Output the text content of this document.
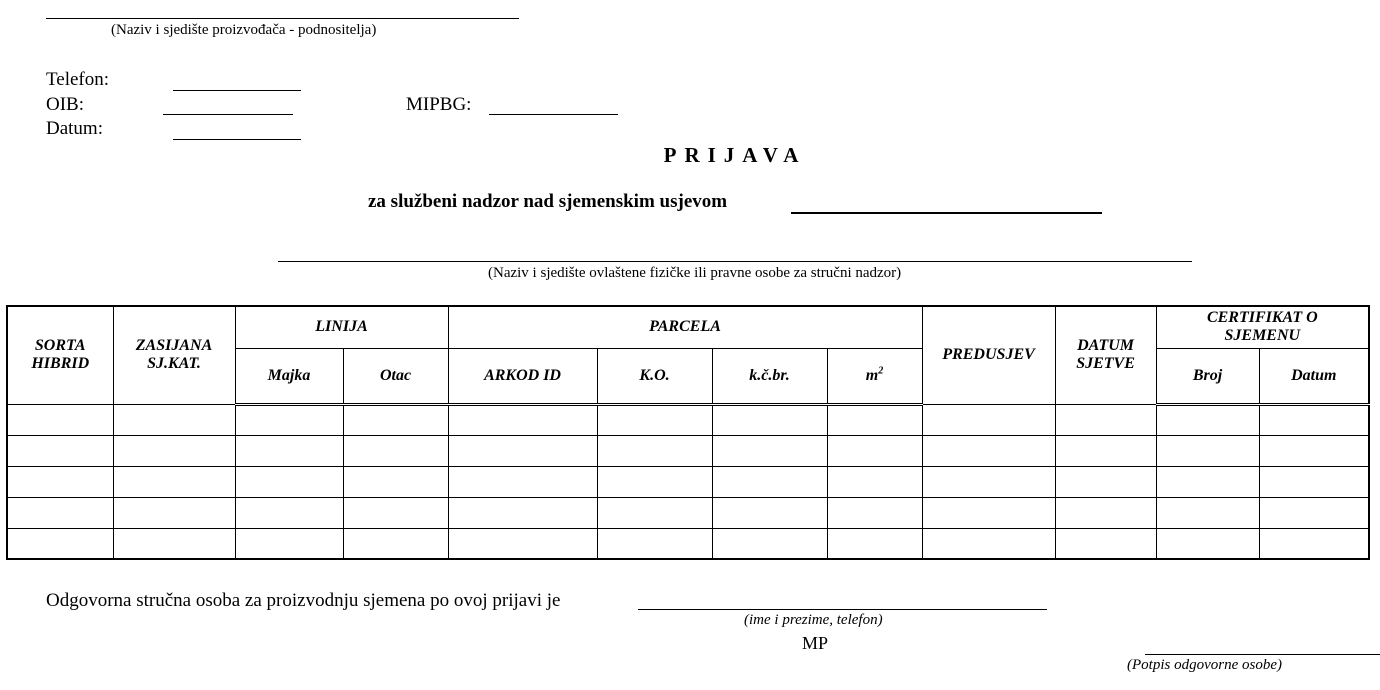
(Naziv i sjedište proizvođača - podnositelja)
Telefon:
OIB:	MIPBG:
Datum:
PRIJAVA
za službeni nadzor nad sjemenskim usjevom
(Naziv i sjedište ovlaštene fizičke ili pravne osobe za stručni nadzor)
SORTA HIBRID	ZASIJANA SJ.KAT.	LINIJA		PARCELA				PREDUSJEV	DATUM SJETVE	CERTIFIKAT O SJEMENU	
		Majka	Otac	ARKOD ID	K.O.	k.č.br.	$m^2$			Broj	Datum

Odgovorna stručna osoba za proizvodnju sjemena po ovoj prijavi je
(ime i prezime, telefon)
MP
(Potpis odgovorne osobe)
